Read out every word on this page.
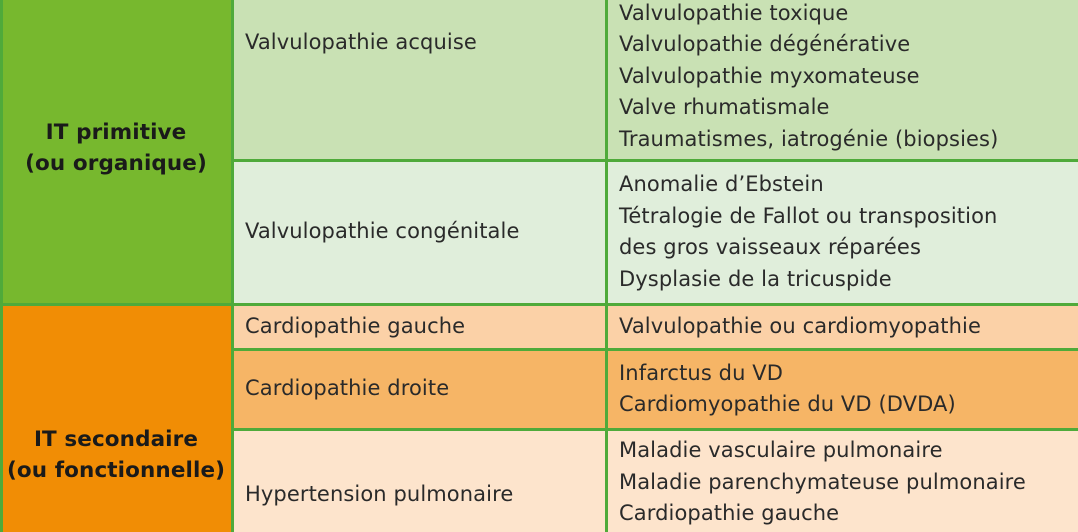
IT primitive
(ou organique)
Valvulopathie acquise
Valvulopathie toxique
Valvulopathie dégénérative
Valvulopathie myxomateuse
Valve rhumatismale
Traumatismes, iatrogénie (biopsies)
Valvulopathie congénitale
Anomalie d’Ebstein
Tétralogie de Fallot ou transposition
des gros vaisseaux réparées
Dysplasie de la tricuspide
IT secondaire
(ou fonctionnelle)
Cardiopathie gauche	Valvulopathie ou cardiomyopathie
Cardiopathie droite
Infarctus du VD
Cardiomyopathie du VD (DVDA)
Hypertension pulmonaire
Maladie vasculaire pulmonaire
Maladie parenchymateuse pulmonaire
Cardiopathie gauche
